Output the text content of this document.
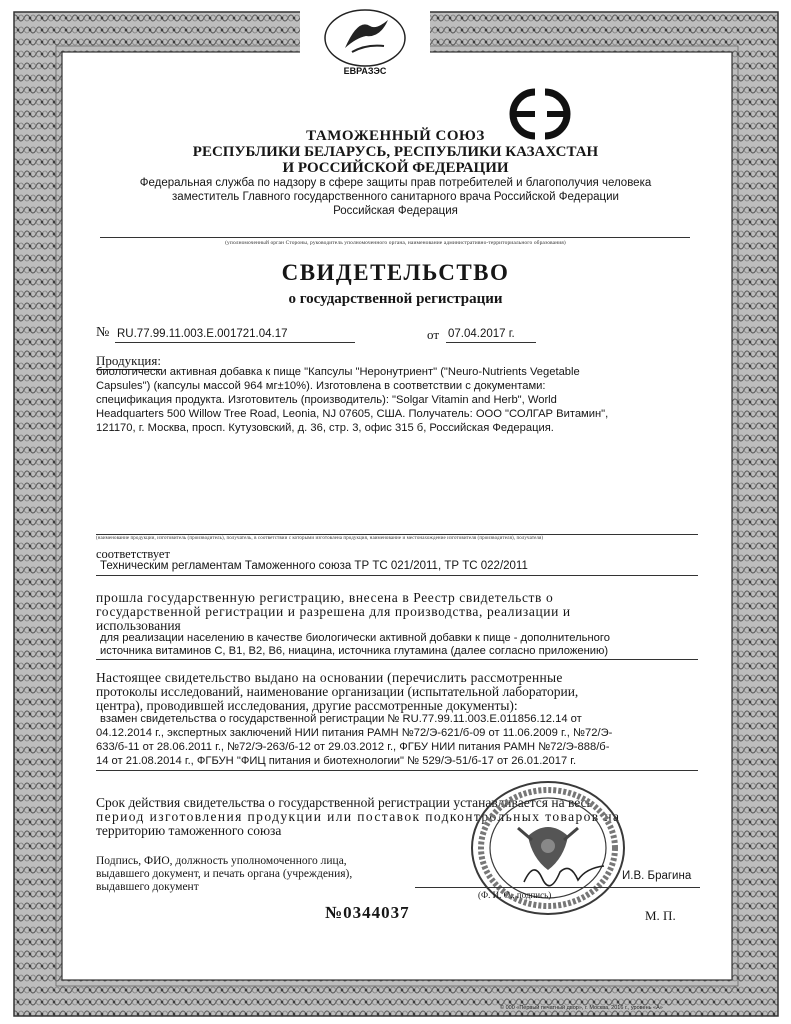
ЕВРАЗЭС
ТАМОЖЕННЫЙ СОЮЗ
РЕСПУБЛИКИ БЕЛАРУСЬ, РЕСПУБЛИКИ КАЗАХСТАН
И РОССИЙСКОЙ ФЕДЕРАЦИИ
Федеральная служба по надзору в сфере защиты прав потребителей и благополучия человека
заместитель Главного государственного санитарного врача Российской Федерации
Российская Федерация
(уполномоченный орган Стороны, руководитель уполномоченного органа, наименование административно-территориального образования)
СВИДЕТЕЛЬСТВО
о государственной регистрации
№ RU.77.99.11.003.Е.001721.04.17	от 07.04.2017 г.
Продукция:
биологически активная добавка к пище "Капсулы "Неронутриент" ("Neuro-Nutrients Vegetable
Capsules") (капсулы массой 964 мг±10%). Изготовлена в соответствии с документами:
спецификация продукта. Изготовитель (производитель): "Solgar Vitamin and Herb", World
Headquarters 500 Willow Tree Road, Leonia, NJ 07605, США. Получатель: ООО "СОЛГАР Витамин",
121170, г. Москва, просп. Кутузовский, д. 36, стр. 3, офис 315 б, Российская Федерация.
(наименование продукции, изготовитель (производитель), получатель, в соответствии с которыми изготовлена продукция, наименование и местонахождение изготовителя (производителя), получателя)
соответствует
Техническим регламентам Таможенного союза ТР ТС 021/2011, ТР ТС 022/2011
прошла государственную регистрацию, внесена в Реестр свидетельств о
государственной регистрации и разрешена для производства, реализации и
использования
для реализации населению в качестве биологически активной добавки к пище - дополнительного
источника витаминов С, В1, В2, В6, ниацина, источника глутамина (далее согласно приложению)
Настоящее свидетельство выдано на основании (перечислить рассмотренные
протоколы исследований, наименование организации (испытательной лаборатории,
центра), проводившей исследования, другие рассмотренные документы):
взамен свидетельства о государственной регистрации № RU.77.99.11.003.Е.011856.12.14 от
04.12.2014 г., экспертных заключений НИИ питания РАМН №72/Э-621/б-09 от 11.06.2009 г., №72/Э-
633/б-11 от 28.06.2011 г., №72/Э-263/б-12 от 29.03.2012 г., ФГБУ НИИ питания РАМН №72/Э-888/б-
14 от 21.08.2014 г., ФГБУН "ФИЦ питания и биотехнологии" № 529/Э-51/б-17 от 26.01.2017 г.
Срок действия свидетельства о государственной регистрации устанавливается на весь
период изготовления продукции или поставок подконтрольных товаров на
территорию таможенного союза
Подпись, ФИО, должность уполномоченного лица,
выдавшего документ, и печать органа (учреждения),
выдавшего документ
И.В. Брагина
(Ф. И. О., подпись)
№0344037	М. П.
© 000 «Первый печатный двор», г. Москва, 2016 г., уровень «А»
